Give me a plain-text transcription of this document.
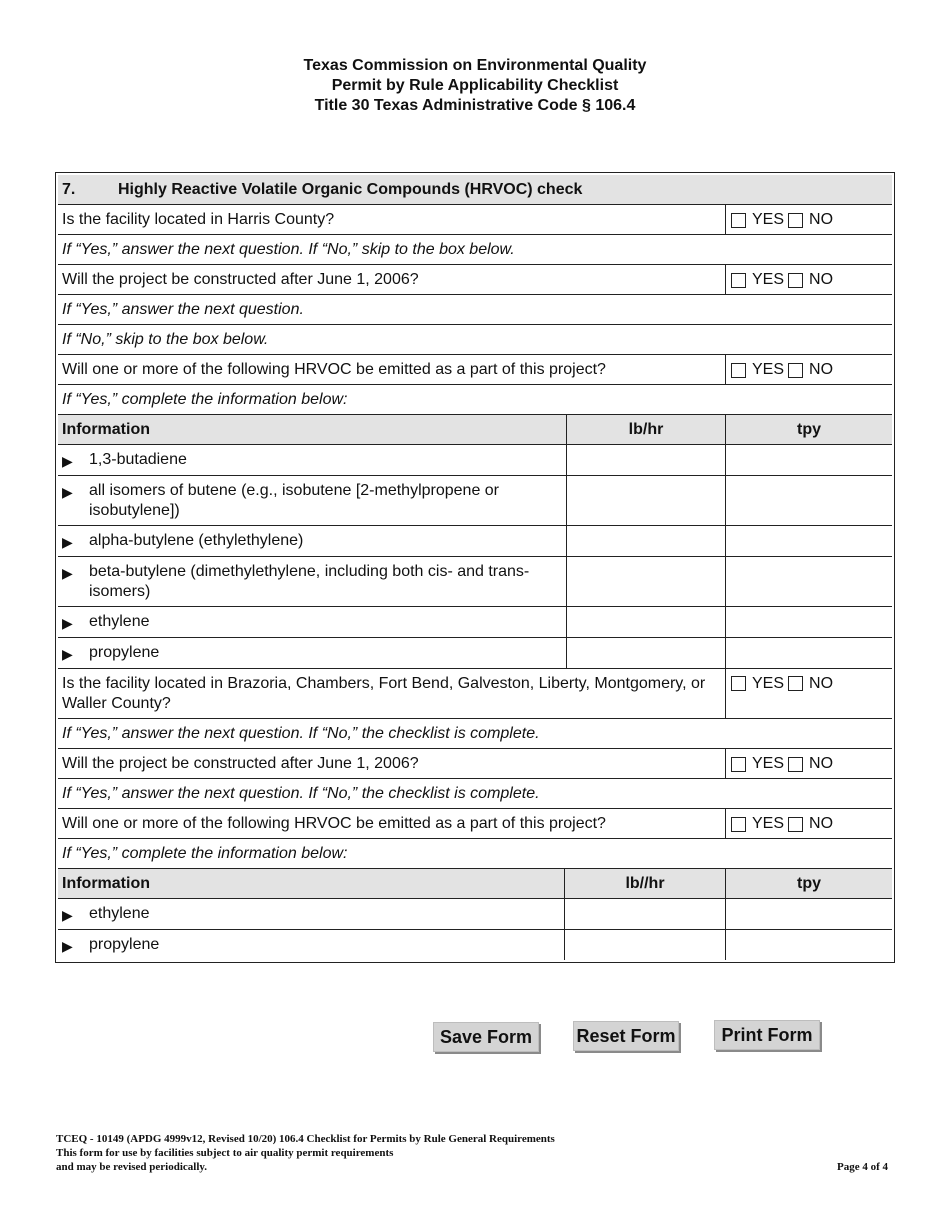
Texas Commission on Environmental Quality
Permit by Rule Applicability Checklist
Title 30 Texas Administrative Code § 106.4
7.	Highly Reactive Volatile Organic Compounds (HRVOC) check
Is the facility located in Harris County?	YES NO
If “Yes,” answer the next question. If “No,” skip to the box below.
Will the project be constructed after June 1, 2006?	YES NO
If “Yes,” answer the next question.
If “No,” skip to the box below.
Will one or more of the following HRVOC be emitted as a part of this project?	YES NO
If “Yes,” complete the information below:
Information	lb/hr	tpy
▶	1,3-butadiene
▶	all isomers of butene (e.g., isobutene [2-methylpropene or isobutylene])
▶	alpha-butylene (ethylethylene)
▶	beta-butylene (dimethylethylene, including both cis- and trans-isomers)
▶	ethylene
▶	propylene
Is the facility located in Brazoria, Chambers, Fort Bend, Galveston, Liberty, Montgomery, or Waller County?
YES NO
If “Yes,” answer the next question. If “No,” the checklist is complete.
Will the project be constructed after June 1, 2006?	YES NO
If “Yes,” answer the next question. If “No,” the checklist is complete.
Will one or more of the following HRVOC be emitted as a part of this project?	YES NO
If “Yes,” complete the information below:
Information	lb//hr	tpy
▶	ethylene
▶	propylene
Save Form	Reset Form	Print Form
TCEQ - 10149 (APDG 4999v12, Revised 10/20) 106.4 Checklist for Permits by Rule General Requirements
This form for use by facilities subject to air quality permit requirements
and may be revised periodically.	Page 4 of 4
